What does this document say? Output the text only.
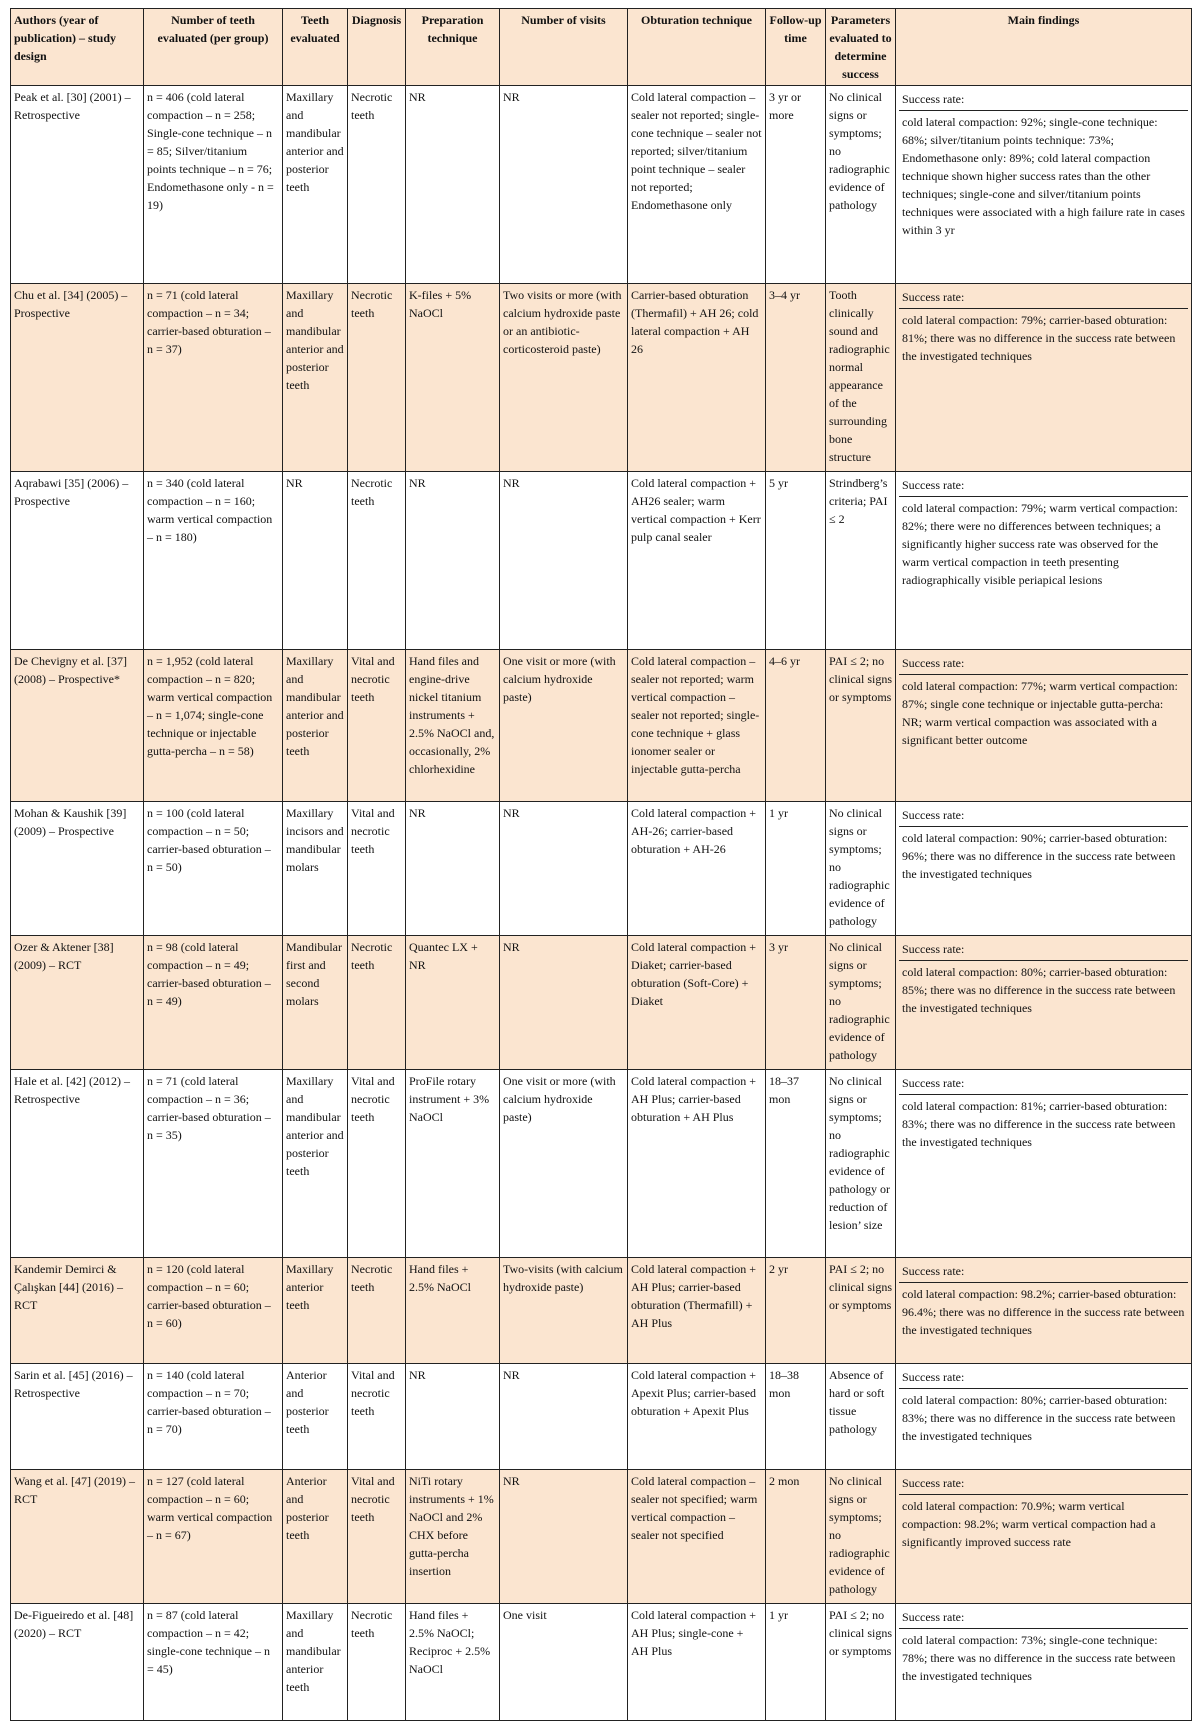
Authors (year of publication) – study design	Number of teeth evaluated (per group)	Teeth evaluated	Diagnosis	Preparation technique	Number of visits	Obturation technique	Follow-up time	Parameters evaluated to determine success	Main findings
Peak et al. [30] (2001) – Retrospective	n = 406 (cold lateral compaction – n = 258; Single-cone technique – n = 85; Silver/titanium points technique – n = 76; Endomethasone only - n = 19)	Maxillary and mandibular anterior and posterior teeth	Necrotic teeth	NR	NR	Cold lateral compaction – sealer not reported; single-cone technique – sealer not reported; silver/titanium point technique – sealer not reported; Endomethasone only	3 yr or more	No clinical signs or symptoms; no radiographic evidence of pathology	Success rate:
cold lateral compaction: 92%; single-cone technique: 68%; silver/titanium points technique: 73%; Endomethasone only: 89%; cold lateral compaction technique shown higher success rates than the other techniques; single-cone and silver/titanium points techniques were associated with a high failure rate in cases within 3 yr

Chu et al. [34] (2005) – Prospective	n = 71 (cold lateral compaction – n = 34; carrier-based obturation – n = 37)	Maxillary and mandibular anterior and posterior teeth	Necrotic teeth	K-files + 5% NaOCl	Two visits or more (with calcium hydroxide paste or an antibiotic-corticosteroid paste)	Carrier-based obturation (Thermafil) + AH 26; cold lateral compaction + AH 26	3–4 yr	Tooth clinically sound and radiographic normal appearance of the surrounding bone structure	Success rate:
cold lateral compaction: 79%; carrier-based obturation: 81%; there was no difference in the success rate between the investigated techniques

Aqrabawi [35] (2006) – Prospective	n = 340 (cold lateral compaction – n = 160; warm vertical compaction – n = 180)	NR	Necrotic teeth	NR	NR	Cold lateral compaction + AH26 sealer; warm vertical compaction + Kerr pulp canal sealer	5 yr	Strindberg’s criteria; PAI ≤ 2	Success rate:
cold lateral compaction: 79%; warm vertical compaction: 82%; there were no differences between techniques; a significantly higher success rate was observed for the warm vertical compaction in teeth presenting radiographically visible periapical lesions

De Chevigny et al. [37] (2008) – Prospective*	n = 1,952 (cold lateral compaction – n = 820; warm vertical compaction – n = 1,074; single-cone technique or injectable gutta-percha – n = 58)	Maxillary and mandibular anterior and posterior teeth	Vital and necrotic teeth	Hand files and engine-drive nickel titanium instruments + 2.5% NaOCl and, occasionally, 2% chlorhexidine	One visit or more (with calcium hydroxide paste)	Cold lateral compaction – sealer not reported; warm vertical compaction – sealer not reported; single-cone technique + glass ionomer sealer or injectable gutta-percha	4–6 yr	PAI ≤ 2; no clinical signs or symptoms	Success rate:
cold lateral compaction: 77%; warm vertical compaction: 87%; single cone technique or injectable gutta-percha: NR; warm vertical compaction was associated with a significant better outcome

Mohan & Kaushik [39] (2009) – Prospective	n = 100 (cold lateral compaction – n = 50; carrier-based obturation – n = 50)	Maxillary incisors and mandibular molars	Vital and necrotic teeth	NR	NR	Cold lateral compaction + AH-26; carrier-based obturation + AH-26	1 yr	No clinical signs or symptoms; no radiographic evidence of pathology	Success rate:
cold lateral compaction: 90%; carrier-based obturation: 96%; there was no difference in the success rate between the investigated techniques

Ozer & Aktener [38] (2009) – RCT	n = 98 (cold lateral compaction – n = 49; carrier-based obturation – n = 49)	Mandibular first and second molars	Necrotic teeth	Quantec LX + NR	NR	Cold lateral compaction + Diaket; carrier-based obturation (Soft-Core) + Diaket	3 yr	No clinical signs or symptoms; no radiographic evidence of pathology	Success rate:
cold lateral compaction: 80%; carrier-based obturation: 85%; there was no difference in the success rate between the investigated techniques

Hale et al. [42] (2012) – Retrospective	n = 71 (cold lateral compaction – n = 36; carrier-based obturation – n = 35)	Maxillary and mandibular anterior and posterior teeth	Vital and necrotic teeth	ProFile rotary instrument + 3% NaOCl	One visit or more (with calcium hydroxide paste)	Cold lateral compaction + AH Plus; carrier-based obturation + AH Plus	18–37 mon	No clinical signs or symptoms; no radiographic evidence of pathology or reduction of lesion’ size	Success rate:
cold lateral compaction: 81%; carrier-based obturation: 83%; there was no difference in the success rate between the investigated techniques

Kandemir Demirci & Çalışkan [44] (2016) – RCT	n = 120 (cold lateral compaction – n = 60; carrier-based obturation – n = 60)	Maxillary anterior teeth	Necrotic teeth	Hand files + 2.5% NaOCl	Two-visits (with calcium hydroxide paste)	Cold lateral compaction + AH Plus; carrier-based obturation (Thermafill) + AH Plus	2 yr	PAI ≤ 2; no clinical signs or symptoms	Success rate:
cold lateral compaction: 98.2%; carrier-based obturation: 96.4%; there was no difference in the success rate between the investigated techniques

Sarin et al. [45] (2016) – Retrospective	n = 140 (cold lateral compaction – n = 70; carrier-based obturation – n = 70)	Anterior and posterior teeth	Vital and necrotic teeth	NR	NR	Cold lateral compaction + Apexit Plus; carrier-based obturation + Apexit Plus	18–38 mon	Absence of hard or soft tissue pathology	Success rate:
cold lateral compaction: 80%; carrier-based obturation: 83%; there was no difference in the success rate between the investigated techniques

Wang et al. [47] (2019) – RCT	n = 127 (cold lateral compaction – n = 60; warm vertical compaction – n = 67)	Anterior and posterior teeth	Vital and necrotic teeth	NiTi rotary instruments + 1% NaOCl and 2% CHX before gutta-percha insertion	NR	Cold lateral compaction – sealer not specified; warm vertical compaction – sealer not specified	2 mon	No clinical signs or symptoms; no radiographic evidence of pathology	Success rate:
cold lateral compaction: 70.9%; warm vertical compaction: 98.2%; warm vertical compaction had a significantly improved success rate

De-Figueiredo et al. [48] (2020) – RCT	n = 87 (cold lateral compaction – n = 42; single-cone technique – n = 45)	Maxillary and mandibular anterior teeth	Necrotic teeth	Hand files + 2.5% NaOCl; Reciproc + 2.5% NaOCl	One visit	Cold lateral compaction + AH Plus; single-cone + AH Plus	1 yr	PAI ≤ 2; no clinical signs or symptoms	Success rate:
cold lateral compaction: 73%; single-cone technique: 78%; there was no difference in the success rate between the investigated techniques
